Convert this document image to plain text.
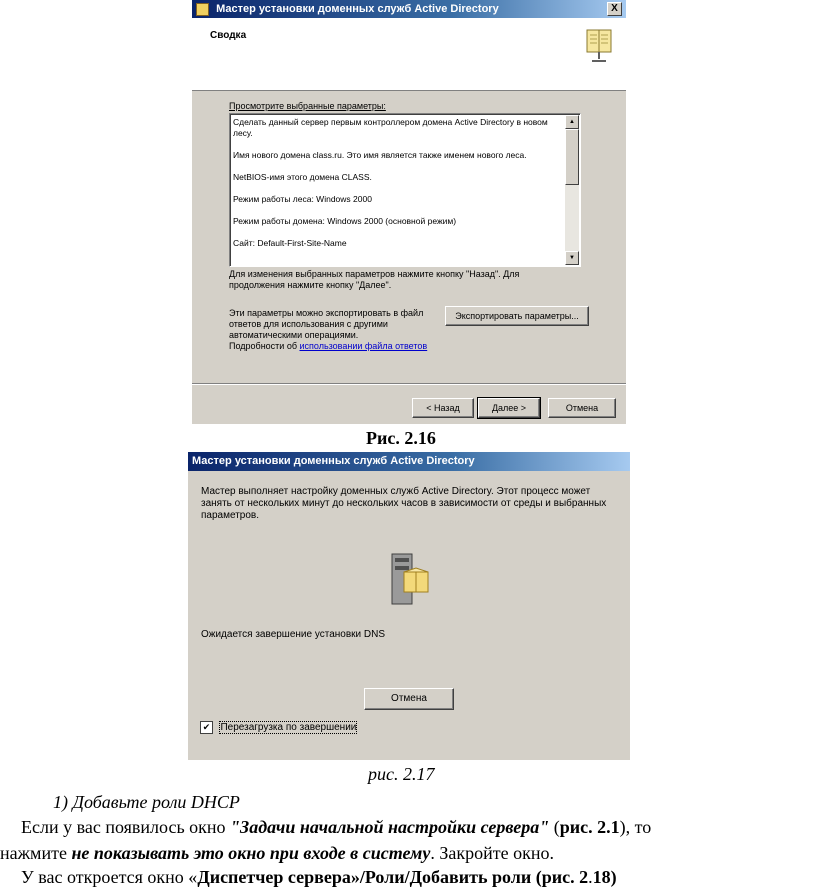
Мастер установки доменных служб Active Directory	X
Сводка
Просмотрите выбранные параметры:
Сделать данный сервер первым контроллером домена Active Directory в новом лесу.
Имя нового домена class.ru. Это имя является также именем нового леса.
NetBIOS-имя этого домена CLASS.
Режим работы леса: Windows 2000
Режим работы домена: Windows 2000 (основной режим)
Сайт: Default-First-Site-Name
▲
▼
Для изменения выбранных параметров нажмите кнопку "Назад". Для продолжения нажмите кнопку "Далее".
Эти параметры можно экспортировать в файл ответов для использования с другими автоматическими операциями.
Подробности об использовании файла ответов
Экспортировать параметры...
< Назад	Далее >	Отмена
Рис. 2.16
Мастер установки доменных служб Active Directory
Мастер выполняет настройку доменных служб Active Directory. Этот процесс может занять от нескольких минут до нескольких часов в зависимости от среды и выбранных параметров.
Ожидается завершение установки DNS
Отмена
✔ Перезагрузка по завершении
рис. 2.17
1) Добавьте роли DHCP
Если у вас появилось окно "Задачи начальной настройки сервера" (рис. 2.1), то
нажмите не показывать это окно при входе в систему. Закройте окно.
У вас откроется окно «Диспетчер сервера»/Роли/Добавить роли (рис. 2.18)
